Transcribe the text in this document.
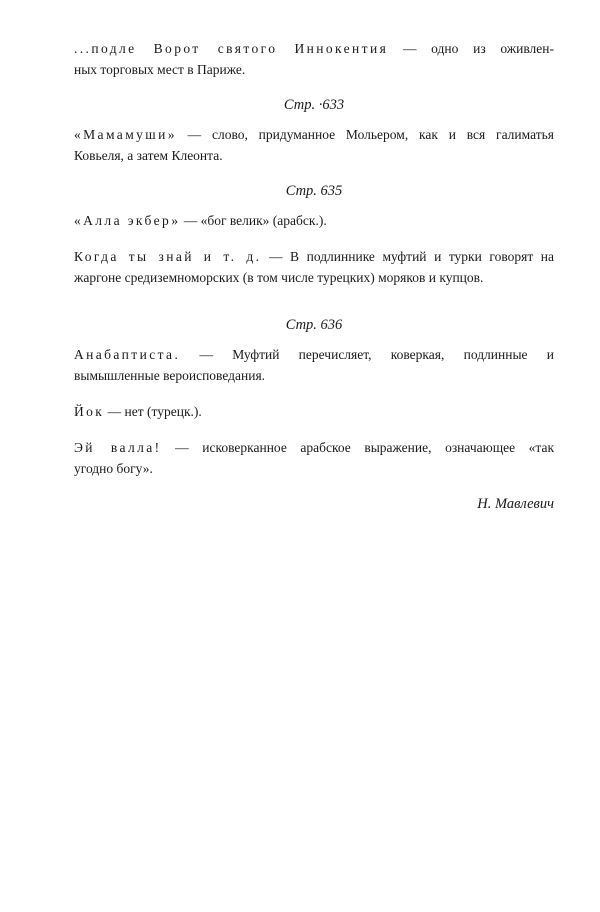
...подле Ворот святого Иннокентия — одно из оживлен-
ных торговых мест в Париже.
Стр. ·633
«Мамамуши» — слово, придуманное Мольером, как и вся галиматья
Ковьеля, а затем Клеонта.
Стр. 635
«Алла экбер» — «бог велик» (арабск.).
Когда ты знай и т. д. — В подлиннике муфтий и турки говорят на
жаргоне средиземноморских (в том числе турецких) моряков и купцов.
Стр. 636
Анабаптиста. — Муфтий перечисляет, коверкая, подлинные и
вымышленные вероисповедания.
Йок — нет (турецк.).
Эй валла! — исковерканное арабское выражение, означающее «так
угодно богу».
Н. Мавлевич
